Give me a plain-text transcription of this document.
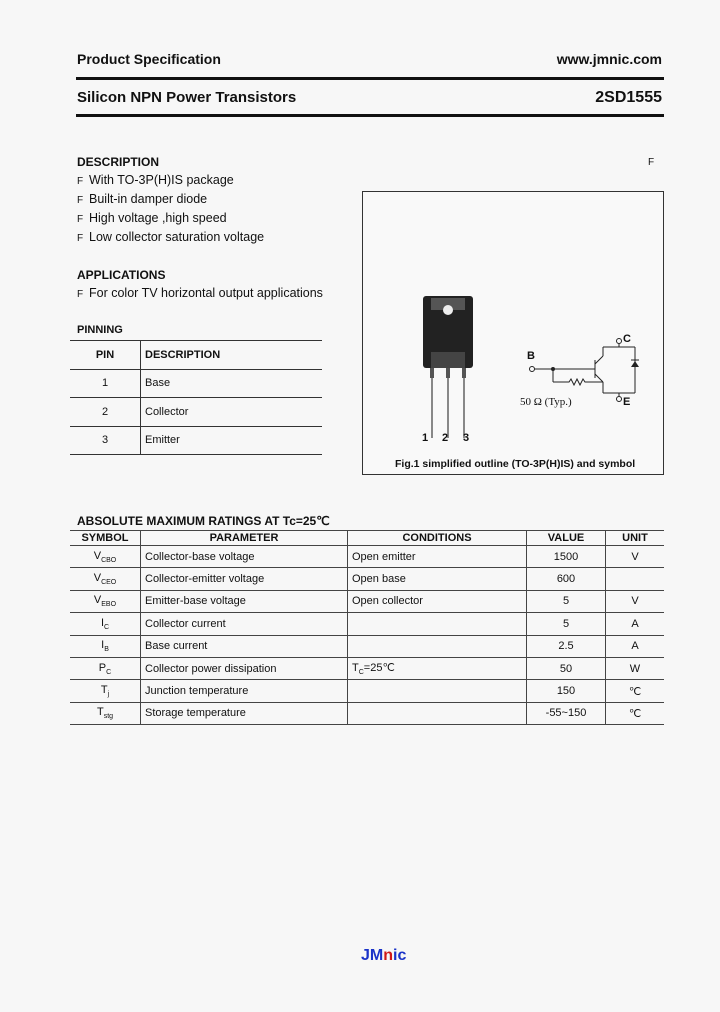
Product Specification	www.jmnic.com
Silicon NPN Power Transistors	2SD1555
DESCRIPTION	F
F With TO-3P(H)IS package
F Built-in damper diode
F High voltage ,high speed
F Low collector saturation voltage
APPLICATIONS
F For color TV horizontal output applications
PINNING
PIN	DESCRIPTION
1	Base
2	Collector
3	Emitter	1 2 3
B
C
E
50 Ω (Typ.)
Fig.1 simplified outline (TO-3P(H)IS) and symbol
ABSOLUTE MAXIMUM RATINGS AT Tc=25℃
SYMBOL	PARAMETER	CONDITIONS	VALUE	UNIT
$V_{CBO}$	Collector-base voltage	Open emitter	1500	V
$V_{CEO}$	Collector-emitter voltage	Open base	600	
$V_{EBO}$	Emitter-base voltage	Open collector	5	V
$I_C$	Collector current		5	A
$I_B$	Base current		2.5	A
$P_C$	Collector power dissipation	$T_C=25℃$	50	W
$T_j$	Junction temperature		150	℃
$T_{stg}$	Storage temperature		-55~150	℃
JMnic
